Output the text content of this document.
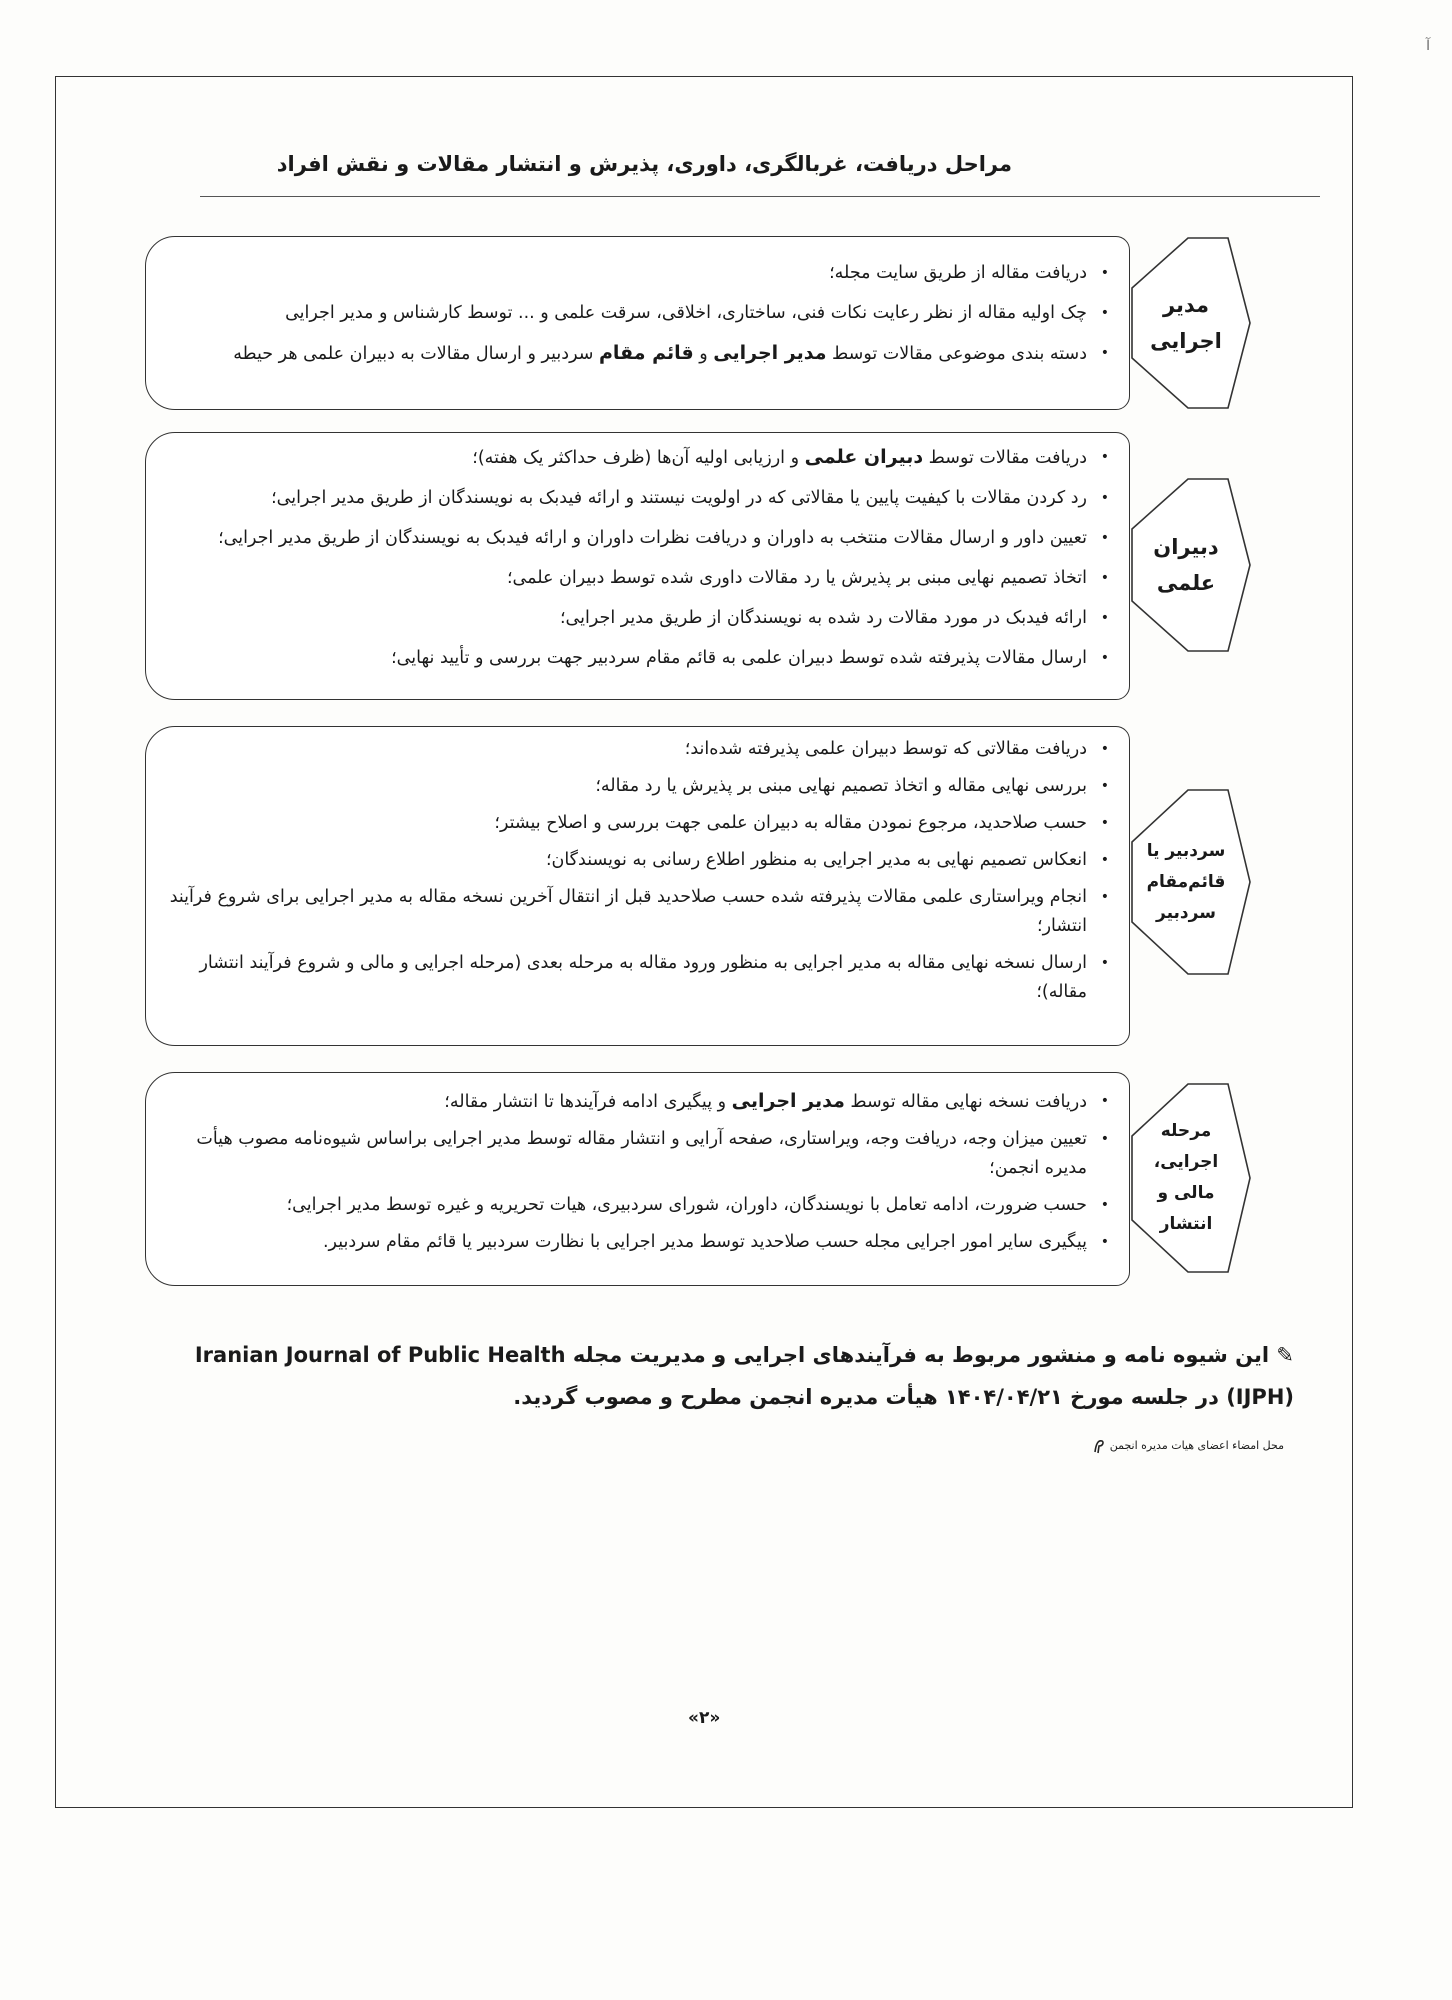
آ
مراحل دریافت، غربالگری، داوری، پذیرش و انتشار مقالات و نقش افراد
•
دریافت مقاله از طریق سایت مجله؛
•
چک اولیه مقاله از نظر رعایت نکات فنی، ساختاری، اخلاقی، سرقت علمی و ... توسط کارشناس و مدیر اجرایی
•
دسته بندی موضوعی مقالات توسط مدیر اجرایی و قائم مقام سردبیر و ارسال مقالات به دبیران علمی هر حیطه
مدیر
اجرایی
•
دریافت مقالات توسط دبیران علمی و ارزیابی اولیه آن‌ها (ظرف حداکثر یک هفته)؛
•
رد کردن مقالات با کیفیت پایین یا مقالاتی که در اولویت نیستند و ارائه فیدبک به نویسندگان از طریق مدیر اجرایی؛
•
تعیین داور و ارسال مقالات منتخب به داوران و دریافت نظرات داوران و ارائه فیدبک به نویسندگان از طریق مدیر اجرایی؛
•
اتخاذ تصمیم نهایی مبنی بر پذیرش یا رد مقالات داوری شده توسط دبیران علمی؛
•
ارائه فیدبک در مورد مقالات رد شده به نویسندگان از طریق مدیر اجرایی؛
•
ارسال مقالات پذیرفته شده توسط دبیران علمی به قائم مقام سردبیر جهت بررسی و تأیید نهایی؛
دبیران
علمی
•
دریافت مقالاتی که توسط دبیران علمی پذیرفته شده‌اند؛
•
بررسی نهایی مقاله و اتخاذ تصمیم نهایی مبنی بر پذیرش یا رد مقاله؛
•
حسب صلاحدید، مرجوع نمودن مقاله به دبیران علمی جهت بررسی و اصلاح بیشتر؛
•
انعکاس تصمیم نهایی به مدیر اجرایی به منظور اطلاع رسانی به نویسندگان؛
•
انجام ویراستاری علمی مقالات پذیرفته شده حسب صلاحدید قبل از انتقال آخرین نسخه مقاله به مدیر اجرایی برای شروع فرآیند انتشار؛
•
ارسال نسخه نهایی مقاله به مدیر اجرایی به منظور ورود مقاله به مرحله بعدی (مرحله اجرایی و مالی و شروع فرآیند انتشار مقاله)؛
سردبیر یا
قائم‌مقام
سردبیر
•
دریافت نسخه نهایی مقاله توسط مدیر اجرایی و پیگیری ادامه فرآیندها تا انتشار مقاله؛
•
تعیین میزان وجه، دریافت وجه، ویراستاری، صفحه آرایی و انتشار مقاله توسط مدیر اجرایی براساس شیوه‌نامه مصوب هیأت مدیره انجمن؛
•
حسب ضرورت، ادامه تعامل با نویسندگان، داوران، شورای سردبیری، هیات تحریریه و غیره توسط مدیر اجرایی؛
•
پیگیری سایر امور اجرایی مجله حسب صلاحدید توسط مدیر اجرایی با نظارت سردبیر یا قائم مقام سردبیر.
مرحله
اجرایی،
مالی و
انتشار
✎ این شیوه نامه و منشور مربوط به فرآیندهای اجرایی و مدیریت مجله Iranian Journal of Public Health (IJPH) در جلسه مورخ ۱۴۰۴/۰۴/۲۱ هیأت مدیره انجمن مطرح و مصوب گردید.
محل امضاء اعضای هیات مدیره انجمن
«۲»
